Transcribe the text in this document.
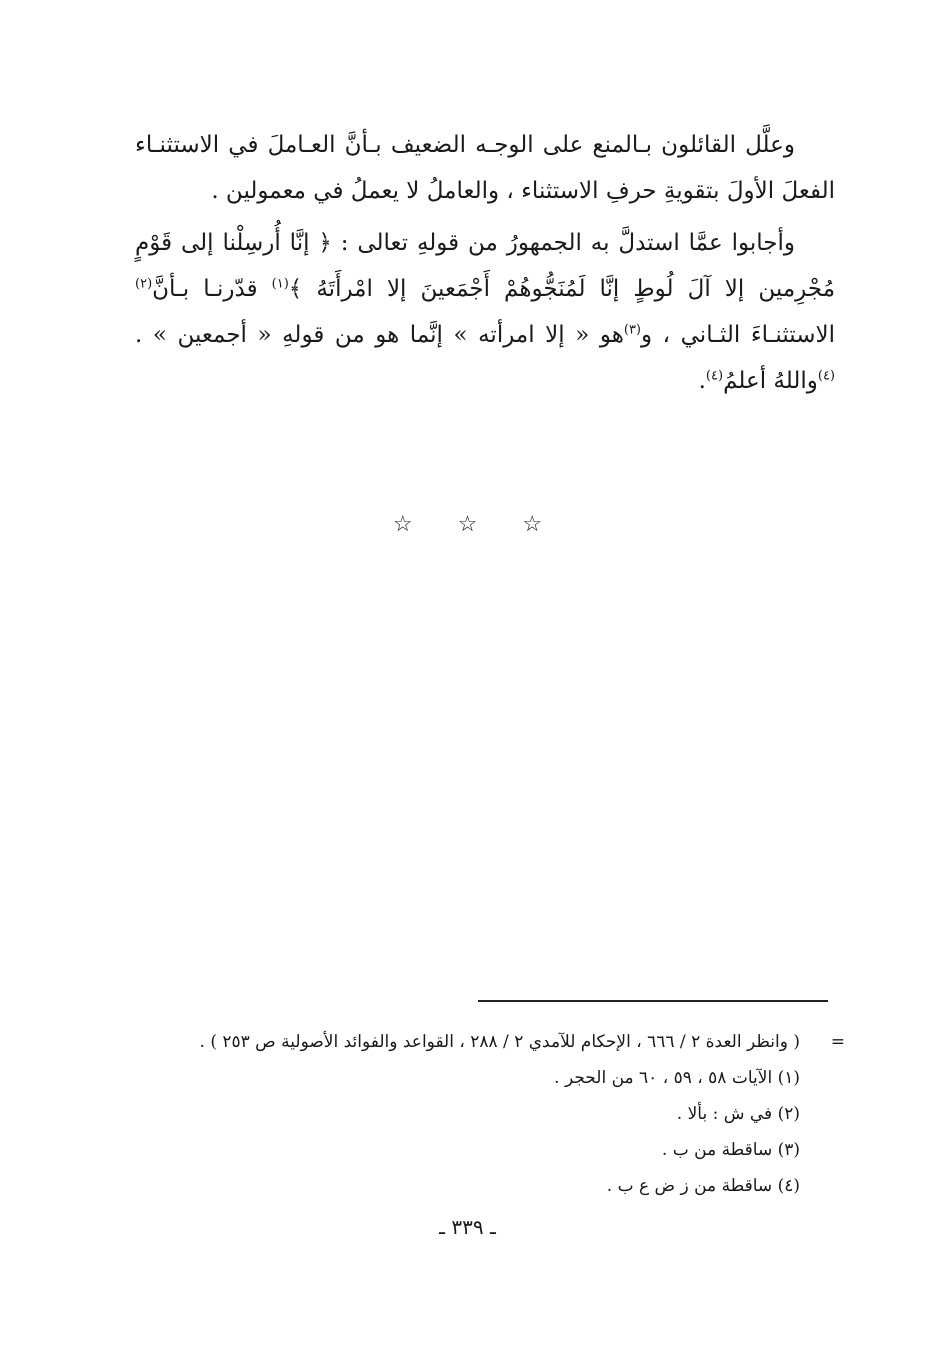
وعلَّل القائلون بـالمنع على الوجـه الضعيف بـأنَّ العـاملَ في الاستثنـاء الفعلَ الأولَ بتقويةِ حرفِ الاستثناء ، والعاملُ لا يعملُ في معمولين .

وأجابوا عمَّا استدلَّ به الجمهورُ من قولهِ تعالى : ﴿ إنَّا أُرسِلْنا إلى قَوْمٍ مُجْرِمين إلا آلَ لُوطٍ إنَّا لَمُنَجُّوهُمْ أَجْمَعينَ إلا امْرأَتَهُ ﴾$^{(١)}$ قدّرنـا بـأنَّ$^{(٢)}$ الاستثنـاءَ الثـاني ، و$^{(٣)}$هو « إلا امرأته » إنَّما هو من قولهِ « أجمعين » . $^{(٤)}$واللهُ أعلمُ$^{(٤)}$.

☆ ☆ ☆
=
( وانظر العدة ٢ / ٦٦٦ ، الإحكام للآمدي ٢ / ٢٨٨ ، القواعد والفوائد الأصولية ص ٢٥٣ ) .
(١) الآيات ٥٨ ، ٥٩ ، ٦٠ من الحجر .
(٢) في ش : بألا .
(٣) ساقطة من ب .
(٤) ساقطة من ز ض ع ب .
ـ ٣٣٩ ـ
